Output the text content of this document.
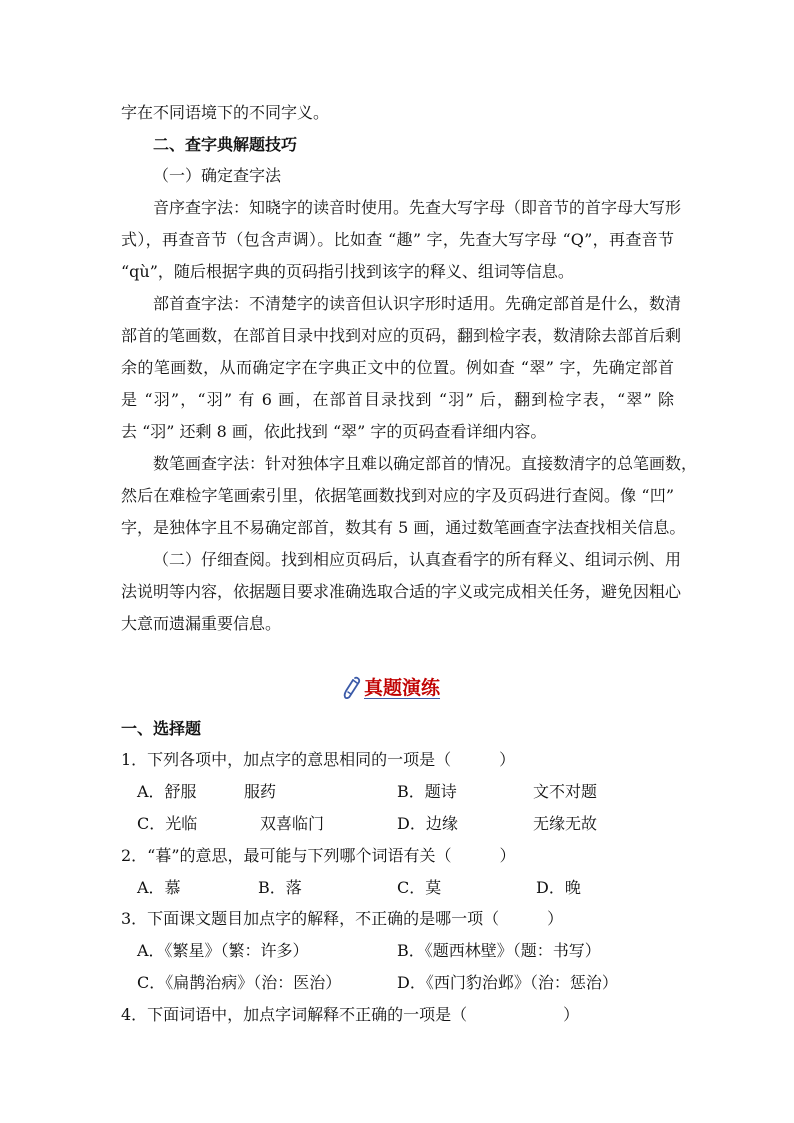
字在不同语境下的不同字义。
二、查字典解题技巧
（一）确定查字法
音序查字法：知晓字的读音时使用。先查大写字母（即音节的首字母大写形
式），再查音节（包含声调）。比如查 “趣” 字，先查大写字母 “Q”，再查音节
“qù”，随后根据字典的页码指引找到该字的释义、组词等信息。
部首查字法：不清楚字的读音但认识字形时适用。先确定部首是什么，数清
部首的笔画数，在部首目录中找到对应的页码，翻到检字表，数清除去部首后剩
余的笔画数，从而确定字在字典正文中的位置。例如查 “翠” 字，先确定部首
是 “羽”，“羽” 有 6 画，在部首目录找到 “羽” 后，翻到检字表，“翠” 除
去 “羽” 还剩 8 画，依此找到 “翠” 字的页码查看详细内容。
数笔画查字法：针对独体字且难以确定部首的情况。直接数清字的总笔画数，
然后在难检字笔画索引里，依据笔画数找到对应的字及页码进行查阅。像 “凹”
字，是独体字且不易确定部首，数其有 5 画，通过数笔画查字法查找相关信息。
（二）仔细查阅。找到相应页码后，认真查看字的所有释义、组词示例、用
法说明等内容，依据题目要求准确选取合适的字义或完成相关任务，避免因粗心
大意而遗漏重要信息。
真题演练
一、选择题
1．下列各项中，加点字的意思相同的一项是（　　　）
A．舒服	服药	B．题诗	文不对题
C．光临	双喜临门	D．边缘	无缘无故
2．“暮”的意思，最可能与下列哪个词语有关（　　　）
A．慕	B．落	C．莫	D．晚
3．下面课文题目加点字的解释，不正确的是哪一项（　　　）
A．《繁星》（繁：许多）	B．《题西林壁》（题：书写）
C．《扁鹊治病》（治：医治）	D．《西门豹治邺》（治：惩治）
4．下面词语中，加点字词解释不正确的一项是（　　　　　　）
